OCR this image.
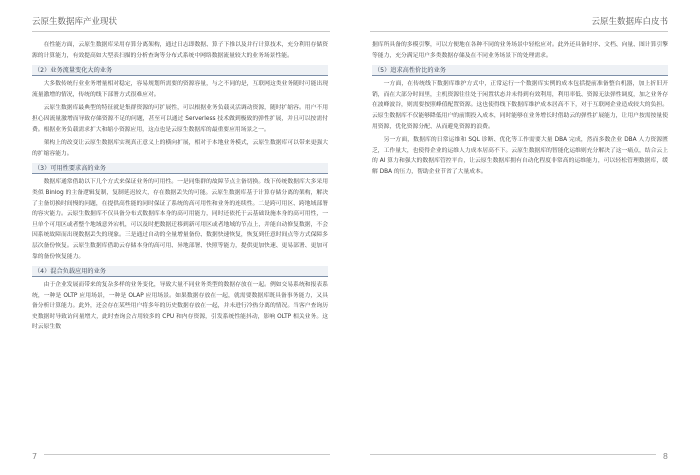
云原生数据库产业现状

在性能方面，云原生数据库采用存算分离架构，通过日志即数据、算子下推以及并行计算技术，充分利用存储资源的计算能力，有效提高如大型表扫描的分析查询等分布式系统中网络数据流量较大的业务场景性能。

（2）业务流量变化大的业务

大多数传统行业业务增量相对稳定，容易规划所需要的资源容量，与之不同的是，互联网这类业务随时可能出现流量激增的情况，传统的线下部署方式很难应对。

云原生数据库最典型的特征就是集群资源的可扩展性，可以根据业务负载灵活调动资源，随时扩缩容。用户不用担心因流量激增而导致存储资源不足的问题，甚至可以通过 Serverless 技术做到极致的弹性扩展，并且可以按需付费。根据业务负载需求扩大和缩小资源应用，这点也是云原生数据库的最重要应用场景之一。

架构上的改变让云原生数据库实现真正意义上的横向扩展，相对于本地业务模式，云原生数据库可以带来更强大的扩缩容能力。

（3）可用性要求高的业务

数据库通常借助以下几个方式来保证业务的可用性。一是同集群的故障节点主备切换。线下传统数据库大多采用类似 Binlog 的主备逻辑复制，复制延迟较大，存在数据丢失的可能。云原生数据库基于计算存储分离的架构，解决了主备切换时间慢的问题，在提供高性能的同时保证了系统的高可用性和业务的连续性。二是跨可用区、跨地域部署的容灾能力。云原生数据库不仅具备分布式数据库本身的高可用能力，同时还依托于云基础设施本身的高可用性，一旦单个可用区或者整个地域意外宕机，可以及时把数据迁移到新可用区或者地域的节点上，并能自动修复数据，不会因系统故障而出现数据丢失的现象。三是通过自动的全量增量备份、数据快速恢复，恢复到任意时间点等方式保障多层次备份恢复。云原生数据库借助云存储本身的高可用、异地部署、快照等能力，提供更加快速、更易部署、更加可靠的备份恢复能力。

（4）混合负载应用的业务

由于企业发展而带来的复杂多样的业务变化，导致大量不同业务类型的数据存放在一起。例如交易系统和报表系统，一种是 OLTP 应用场景，一种是 OLAP 应用场景。如果数据存放在一起，就需要数据库既具备事务能力，又具备分析计算能力。此外，还会存在某些用户将多年的历史数据存放在一起，并未进行冷热分离的情况。当客户查询历史数据时导致访问量增大，此时查询会占用较多的 CPU 和内存资源，引发系统性能抖动，影响 OLTP 相关业务。这时云原生数

7
云原生数据库白皮书

据库所具备的多模引擎，可以方便地在各种不同的业务场景中轻松应对。此外还具备时序、文档、向量、图计算引擎等能力，充分满足用户多类数据存储及在不同业务场景下的处理需求。

（5）追求高性价比的业务

一方面，在传统线下数据库维护方式中，正常运行一个数据库实例的成本包括提前准备整台机器，加上折旧开销，而在大部分时间里，主机资源往往处于闲置状态并未得到有效利用，利用率低、资源无法弹性调度，加之业务存在波峰波谷，则需要按照峰值配置资源。这也使得线下数据库维护成本居高不下，对于互联网企业造成较大的负担。云原生数据库不仅能够降低用户的前期投入成本，同时能够在业务增长时借助云的弹性扩展能力，让用户按需按量使用资源，优化资源分配、从而避免资源的浪费。

另一方面，数据库的日常运维和 SQL 诊断、优化等工作需要大量 DBA 完成，然而多数企业 DBA 人力资源匮乏，工作量大，也使得企业的运维人力成本居高不下。云原生数据库的智能化运维则充分解决了这一痛点，结合云上的 AI 算力和强大的数据库管控平台，让云原生数据库拥有自动化程度非常高的运维能力，可以轻松管理数据库，缓解 DBA 的压力，帮助企业节省了大量成本。

8
